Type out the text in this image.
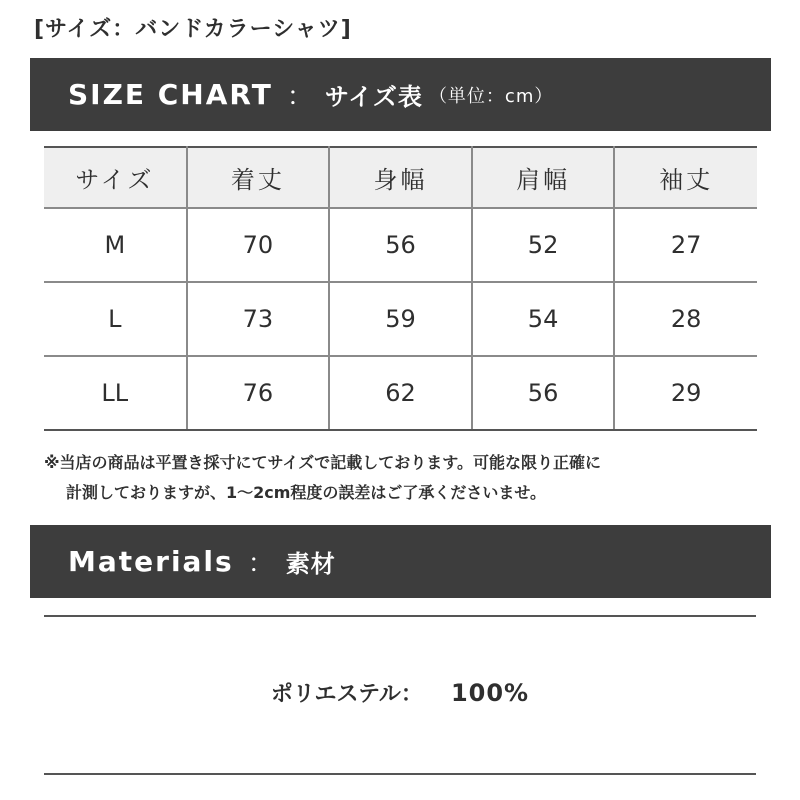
[サイズ：バンドカラーシャツ]
SIZE CHART ： サイズ表 （単位：cm）
サイズ	着丈	身幅	肩幅	袖丈
M	70	56	52	27
L	73	59	54	28
LL	76	62	56	29
※当店の商品は平置き採寸にてサイズで記載しております。可能な限り正確に
計測しておりますが、1～2cm程度の誤差はご了承くださいませ。
Materials ： 素材
ポリエステル： 100%
